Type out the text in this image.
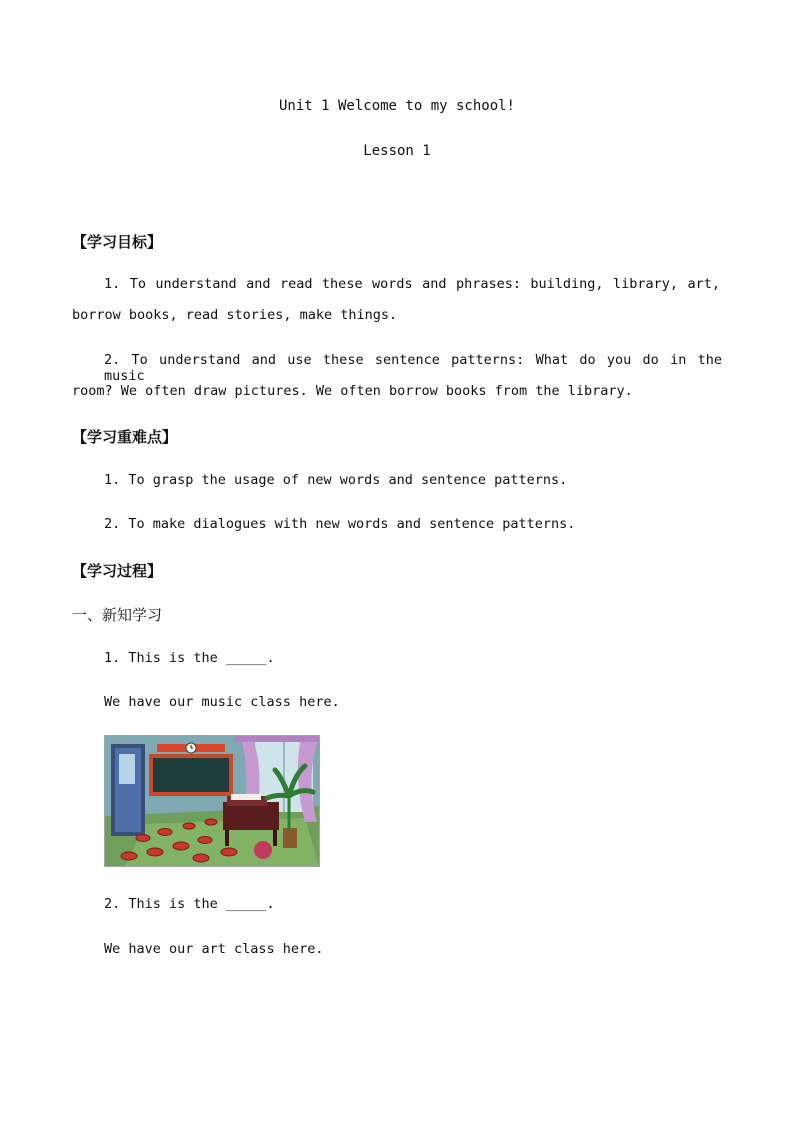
Unit 1 Welcome to my school!
Lesson 1
【学习目标】
1. To understand and read these words and phrases: building, library, art,
borrow books, read stories, make things.
2. To understand and use these sentence patterns: What do you do in the music
room? We often draw pictures. We often borrow books from the library.
【学习重难点】
1. To grasp the usage of new words and sentence patterns.
2. To make dialogues with new words and sentence patterns.
【学习过程】
一、新知学习
1. This is the _____.
We have our music class here.
2. This is the _____.
We have our art class here.
